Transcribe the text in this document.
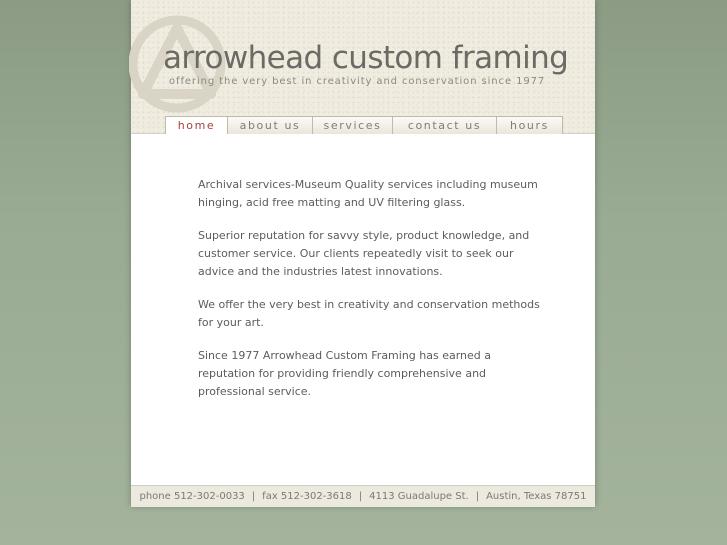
arrowhead custom framing
offering the very best in creativity and conservation since 1977
home	about us	services	contact us	hours

Archival services-Museum Quality services including museum hinging, acid free matting and UV filtering glass.

Superior reputation for savvy style, product knowledge, and customer service. Our clients repeatedly visit to seek our advice and the industries latest innovations.

We offer the very best in creativity and conservation methods for your art.

Since 1977 Arrowhead Custom Framing has earned a reputation for providing friendly comprehensive and professional service.

phone 512-302-0033 | fax 512-302-3618 | 4113 Guadalupe St. | Austin, Texas 78751
